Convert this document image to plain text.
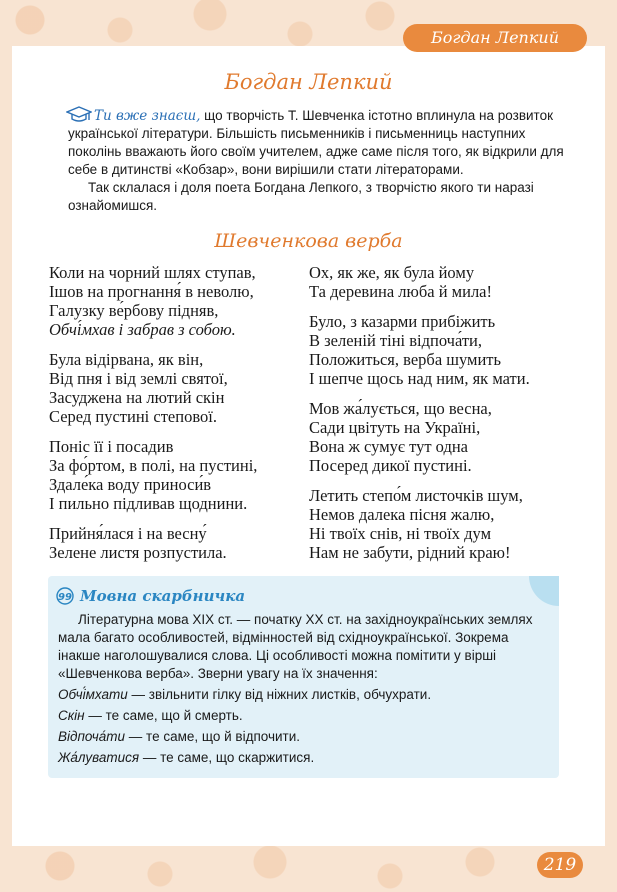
Богдан Лепкий
Богдан Лепкий

Ти вже знаєш, що творчість Т. Шевченка істотно вплинула на розвиток української літератури. Більшість письменників і письменниць наступних поколінь вважають його своїм учителем, адже саме після того, як відкрили для себе в дитинстві «Кобзар», вони вирішили стати літераторами.

Так склалася і доля поета Богдана Лепкого, з творчістю якого ти наразі ознайомишся.

Шевченкова верба
Коли на чорний шлях ступав,
Ішов на прогнання́ в неволю,
Галузку ве́рбову підняв,
Обчі́мхав і забрав з собою.
Була відірвана, як він,
Від пня і від землі святої,
Засуджена на лютий скін
Серед пустині степової.
Поніс її і посадив
За фо́ртом, в полі, на пустині,
Здале́ка воду приноси́в
І пильно підливав щоднини.
Прийня́лася і на весну́
Зелене листя розпустила.
Ох, як же, як була йому
Та деревина люба й мила!
Було, з казарми прибіжить
В зеленій тіні відпоча́ти,
Положиться, верба шумить
І шепче щось над ним, як мати.
Мов жа́лується, що весна,
Сади цвітуть на Україні,
Вона ж сумує тут одна
Посеред дикої пустині.
Летить степо́м листочків шум,
Немов далека пісня жалю,
Ні твоїх снів, ні твоїх дум
Нам не забути, рідний краю!
99 Мовна скарбничка

Літературна мова ХІХ ст. — початку ХХ ст. на західноукраїнських землях мала багато особливостей, відмінностей від східноукраїнської. Зокрема інакше наголошувалися слова. Ці особливості можна помітити у вірші «Шевченкова верба». Зверни увагу на їх значення:

Обчі́мхати — звільнити гілку від ніжних листків, обчухрати.

Скін — те саме, що й смерть.

Відпоча́ти — те саме, що й відпочити.

Жа́луватися — те саме, що скаржитися.

219
